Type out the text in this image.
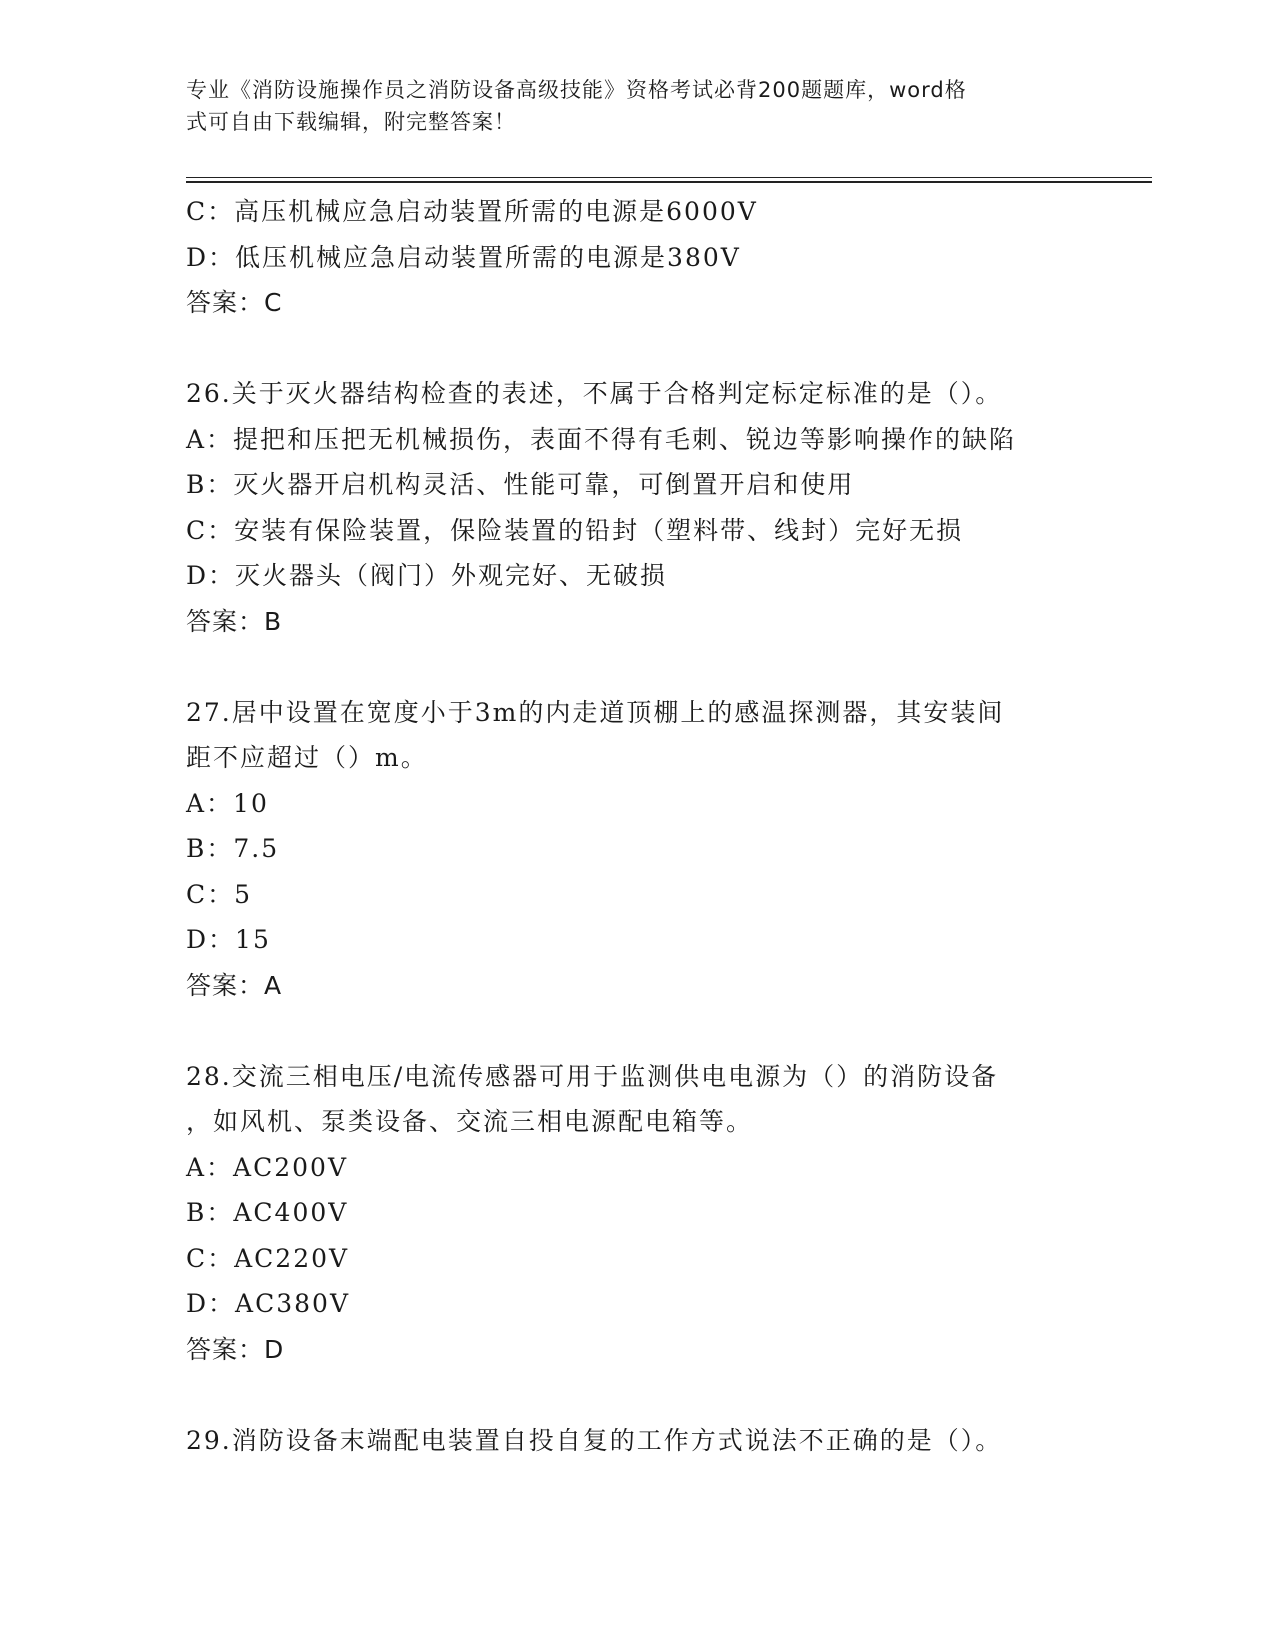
专业《消防设施操作员之消防设备高级技能》资格考试必背200题题库，word格
式可自由下载编辑，附完整答案！
C：高压机械应急启动装置所需的电源是6000V
D：低压机械应急启动装置所需的电源是380V
答案：C
26.关于灭火器结构检查的表述，不属于合格判定标定标准的是（）。
A：提把和压把无机械损伤，表面不得有毛刺、锐边等影响操作的缺陷
B：灭火器开启机构灵活、性能可靠，可倒置开启和使用
C：安装有保险装置，保险装置的铅封（塑料带、线封）完好无损
D：灭火器头（阀门）外观完好、无破损
答案：B
27.居中设置在宽度小于3m的内走道顶棚上的感温探测器，其安装间
距不应超过（）m。
A：10
B：7.5
C：5
D：15
答案：A
28.交流三相电压/电流传感器可用于监测供电电源为（）的消防设备
，如风机、泵类设备、交流三相电源配电箱等。
A：AC200V
B：AC400V
C：AC220V
D：AC380V
答案：D
29.消防设备末端配电装置自投自复的工作方式说法不正确的是（）。
